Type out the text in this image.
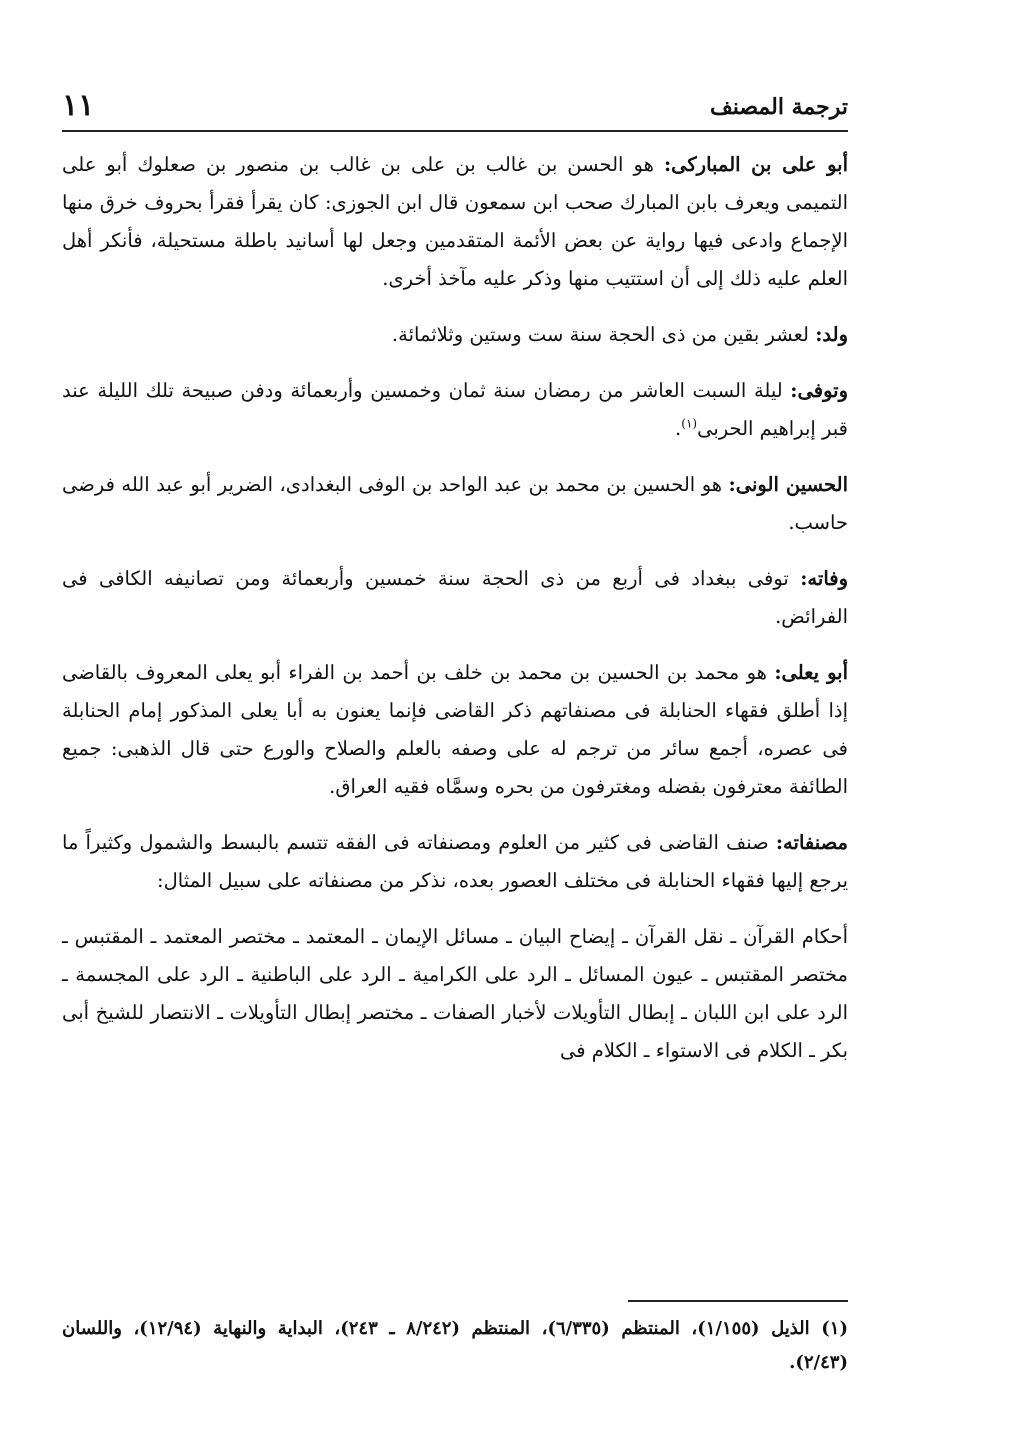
ترجمة المصنف
١١

أبو على بن المباركى: هو الحسن بن غالب بن على بن غالب بن منصور بن صعلوك أبو على التميمى ويعرف بابن المبارك صحب ابن سمعون قال ابن الجوزى: كان يقرأ فقرأ بحروف خرق منها الإجماع وادعى فيها رواية عن بعض الأئمة المتقدمين وجعل لها أسانيد باطلة مستحيلة، فأنكر أهل العلم عليه ذلك إلى أن استتيب منها وذكر عليه مآخذ أخرى.

ولد: لعشر بقين من ذى الحجة سنة ست وستين وثلاثمائة.

وتوفى: ليلة السبت العاشر من رمضان سنة ثمان وخمسين وأربعمائة ودفن صبيحة تلك الليلة عند قبر إبراهيم الحربى$^{(١)}$.

الحسين الونى: هو الحسين بن محمد بن عبد الواحد بن الوفى البغدادى، الضرير أبو عبد الله فرضى حاسب.

وفاته: توفى ببغداد فى أربع من ذى الحجة سنة خمسين وأربعمائة ومن تصانيفه الكافى فى الفرائض.

أبو يعلى: هو محمد بن الحسين بن محمد بن خلف بن أحمد بن الفراء أبو يعلى المعروف بالقاضى إذا أطلق فقهاء الحنابلة فى مصنفاتهم ذكر القاضى فإنما يعنون به أبا يعلى المذكور إمام الحنابلة فى عصره، أجمع سائر من ترجم له على وصفه بالعلم والصلاح والورع حتى قال الذهبى: جميع الطائفة معترفون بفضله ومغترفون من بحره وسمَّاه فقيه العراق.

مصنفاته: صنف القاضى فى كثير من العلوم ومصنفاته فى الفقه تتسم بالبسط والشمول وكثيراً ما يرجع إليها فقهاء الحنابلة فى مختلف العصور بعده، نذكر من مصنفاته على سبيل المثال:

أحكام القرآن ـ نقل القرآن ـ إيضاح البيان ـ مسائل الإيمان ـ المعتمد ـ مختصر المعتمد ـ المقتبس ـ مختصر المقتبس ـ عيون المسائل ـ الرد على الكرامية ـ الرد على الباطنية ـ الرد على المجسمة ـ الرد على ابن اللبان ـ إبطال التأويلات لأخبار الصفات ـ مختصر إبطال التأويلات ـ الانتصار للشيخ أبى بكر ـ الكلام فى الاستواء ـ الكلام فى

(١) الذيل (١/١٥٥)، المنتظم (٦/٣٣٥)، المنتظم (٨/٢٤٢ ـ ٢٤٣)، البداية والنهاية (١٢/٩٤)، واللسان (٢/٤٣).
